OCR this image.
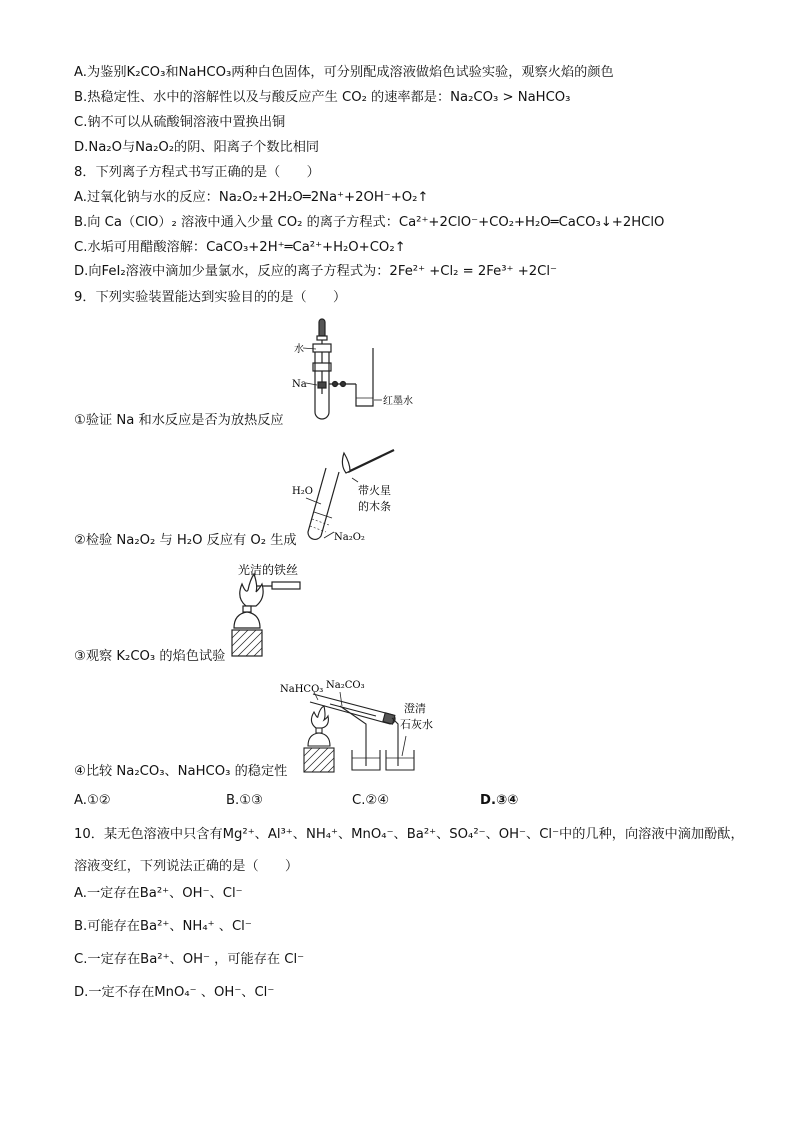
A.为鉴别K₂CO₃和NaHCO₃两种白色固体，可分别配成溶液做焰色试验实验，观察火焰的颜色
B.热稳定性、水中的溶解性以及与酸反应产生 CO₂ 的速率都是：Na₂CO₃ > NaHCO₃
C.钠不可以从硫酸铜溶液中置换出铜
D.Na₂O与Na₂O₂的阴、阳离子个数比相同
8．下列离子方程式书写正确的是（　　）
A.过氧化钠与水的反应：Na₂O₂+2H₂O═2Na⁺+2OH⁻+O₂↑
B.向 Ca（ClO）₂ 溶液中通入少量 CO₂ 的离子方程式：Ca²⁺+2ClO⁻+CO₂+H₂O═CaCO₃↓+2HClO
C.水垢可用醋酸溶解：CaCO₃+2H⁺═Ca²⁺+H₂O+CO₂↑
D.向FeI₂溶液中滴加少量氯水，反应的离子方程式为：2Fe²⁺ +Cl₂ = 2Fe³⁺ +2Cl⁻
9．下列实验装置能达到实验目的的是（　　）
水
Na
红墨水
①验证 Na 和水反应是否为放热反应
H₂O	带火星
的木条
Na₂O₂
②检验 Na₂O₂ 与 H₂O 反应有 O₂ 生成
光洁的铁丝
③观察 K₂CO₃ 的焰色试验
NaHCO₃ Na₂CO₃
澄清
石灰水
④比较 Na₂CO₃、NaHCO₃ 的稳定性
A.①②	B.①③	C.②④	D.③④
10．某无色溶液中只含有Mg²⁺、Al³⁺、NH₄⁺、MnO₄⁻、Ba²⁺、SO₄²⁻、OH⁻、Cl⁻中的几种，向溶液中滴加酚酞，
溶液变红，下列说法正确的是（　　）
A.一定存在Ba²⁺、OH⁻、Cl⁻
B.可能存在Ba²⁺、NH₄⁺ 、Cl⁻
C.一定存在Ba²⁺、OH⁻ ，可能存在 Cl⁻
D.一定不存在MnO₄⁻ 、OH⁻、Cl⁻
